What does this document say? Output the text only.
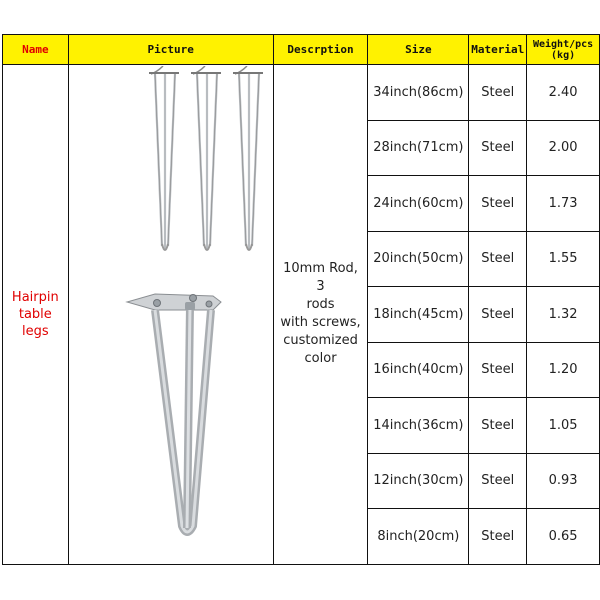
Name	Picture	Descrption	Size	Material	Weight/pcs
(kg)
Hairpin
table
legs		10mm Rod, 3
rods
with screws,
customized
color	34inch(86cm)	Steel	2.40
			28inch(71cm)	Steel	2.00
			24inch(60cm)	Steel	1.73
			20inch(50cm)	Steel	1.55
			18inch(45cm)	Steel	1.32
			16inch(40cm)	Steel	1.20
			14inch(36cm)	Steel	1.05
			12inch(30cm)	Steel	0.93
			8inch(20cm)	Steel	0.65
